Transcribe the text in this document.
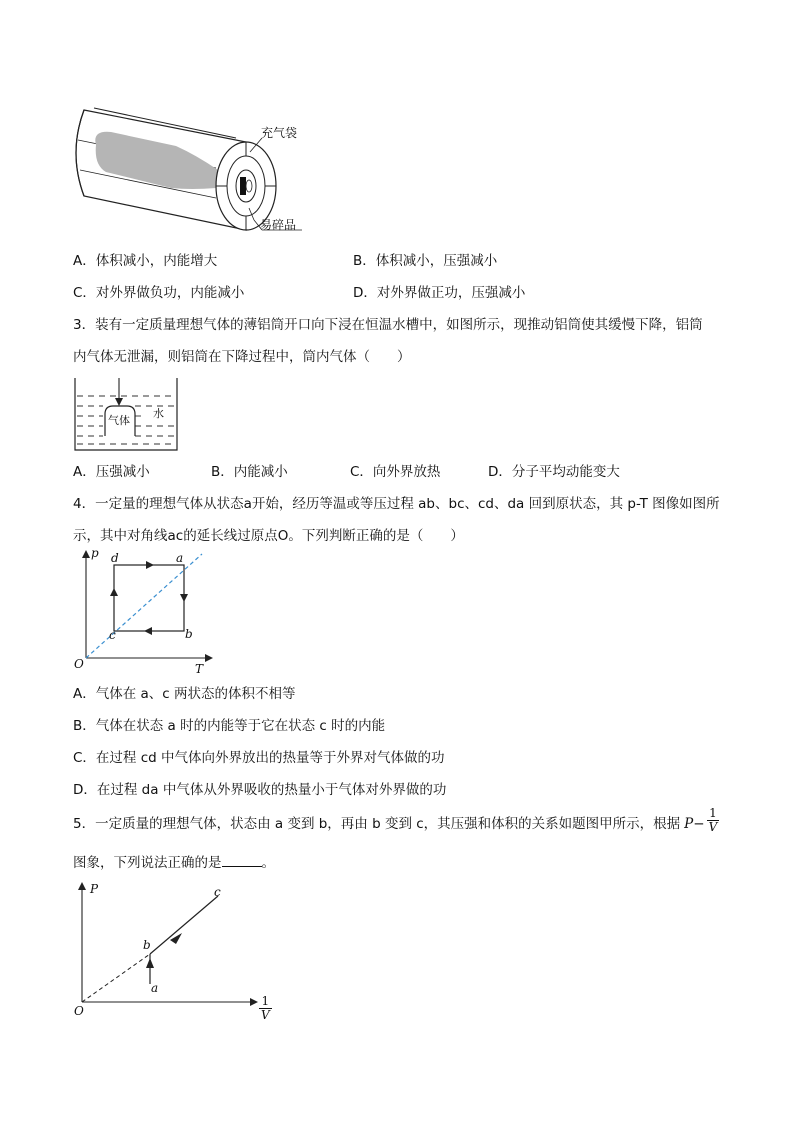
充气袋
易碎品
A．体积减小，内能增大	B．体积减小，压强减小
C．对外界做负功，内能减小	D．对外界做正功，压强减小
3．装有一定质量理想气体的薄铝筒开口向下浸在恒温水槽中，如图所示，现推动铝筒使其缓慢下降，铝筒
内气体无泄漏，则铝筒在下降过程中，筒内气体（　　）
气体
水
A．压强减小	B．内能减小	C．向外界放热	D．分子平均动能变大
4．一定量的理想气体从状态a开始，经历等温或等压过程 ab、bc、cd、da 回到原状态，其 p-T 图像如图所
示，其中对角线ac的延长线过原点O。下列判断正确的是（　　）
p d	a
c	b
O	T
A．气体在 a、c 两状态的体积不相等
B．气体在状态 a 时的内能等于它在状态 c 时的内能
C．在过程 cd 中气体向外界放出的热量等于外界对气体做的功
D．在过程 da 中气体从外界吸收的热量小于气体对外界做的功
5．一定质量的理想气体，状态由 a 变到 b，再由 b 变到 c，其压强和体积的关系如题图甲所示，根据 $P- \frac{1}{V}$
图象，下列说法正确的是	。
P	c
b
a
O	$\frac{1}{V}$
